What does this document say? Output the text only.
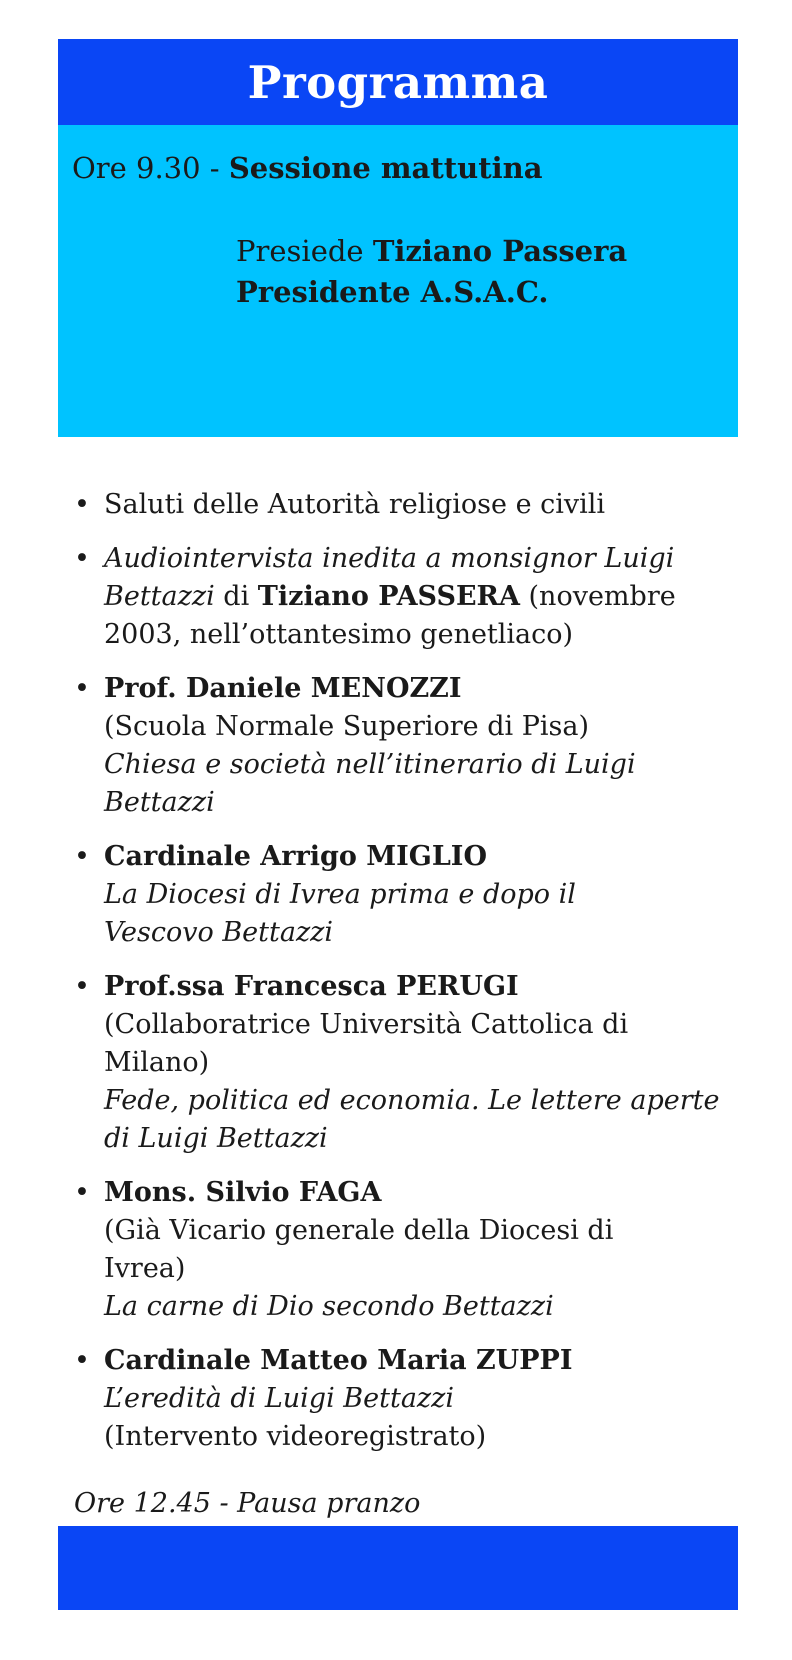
Programma
Ore 9.30 - Sessione mattutina
Presiede Tiziano Passera
Presidente A.S.A.C.
• Saluti delle Autorità religiose e civili
• Audiointervista inedita a monsignor Luigi
Bettazzi di Tiziano PASSERA (novembre
2003, nell’ottantesimo genetliaco)
• Prof. Daniele MENOZZI
(Scuola Normale Superiore di Pisa)
Chiesa e società nell’itinerario di Luigi
Bettazzi
• Cardinale Arrigo MIGLIO
La Diocesi di Ivrea prima e dopo il
Vescovo Bettazzi
• Prof.ssa Francesca PERUGI
(Collaboratrice Università Cattolica di
Milano)
Fede, politica ed economia. Le lettere aperte
di Luigi Bettazzi
• Mons. Silvio FAGA
(Già Vicario generale della Diocesi di
Ivrea)
La carne di Dio secondo Bettazzi
• Cardinale Matteo Maria ZUPPI
L’eredità di Luigi Bettazzi
(Intervento videoregistrato)
Ore 12.45 - Pausa pranzo
